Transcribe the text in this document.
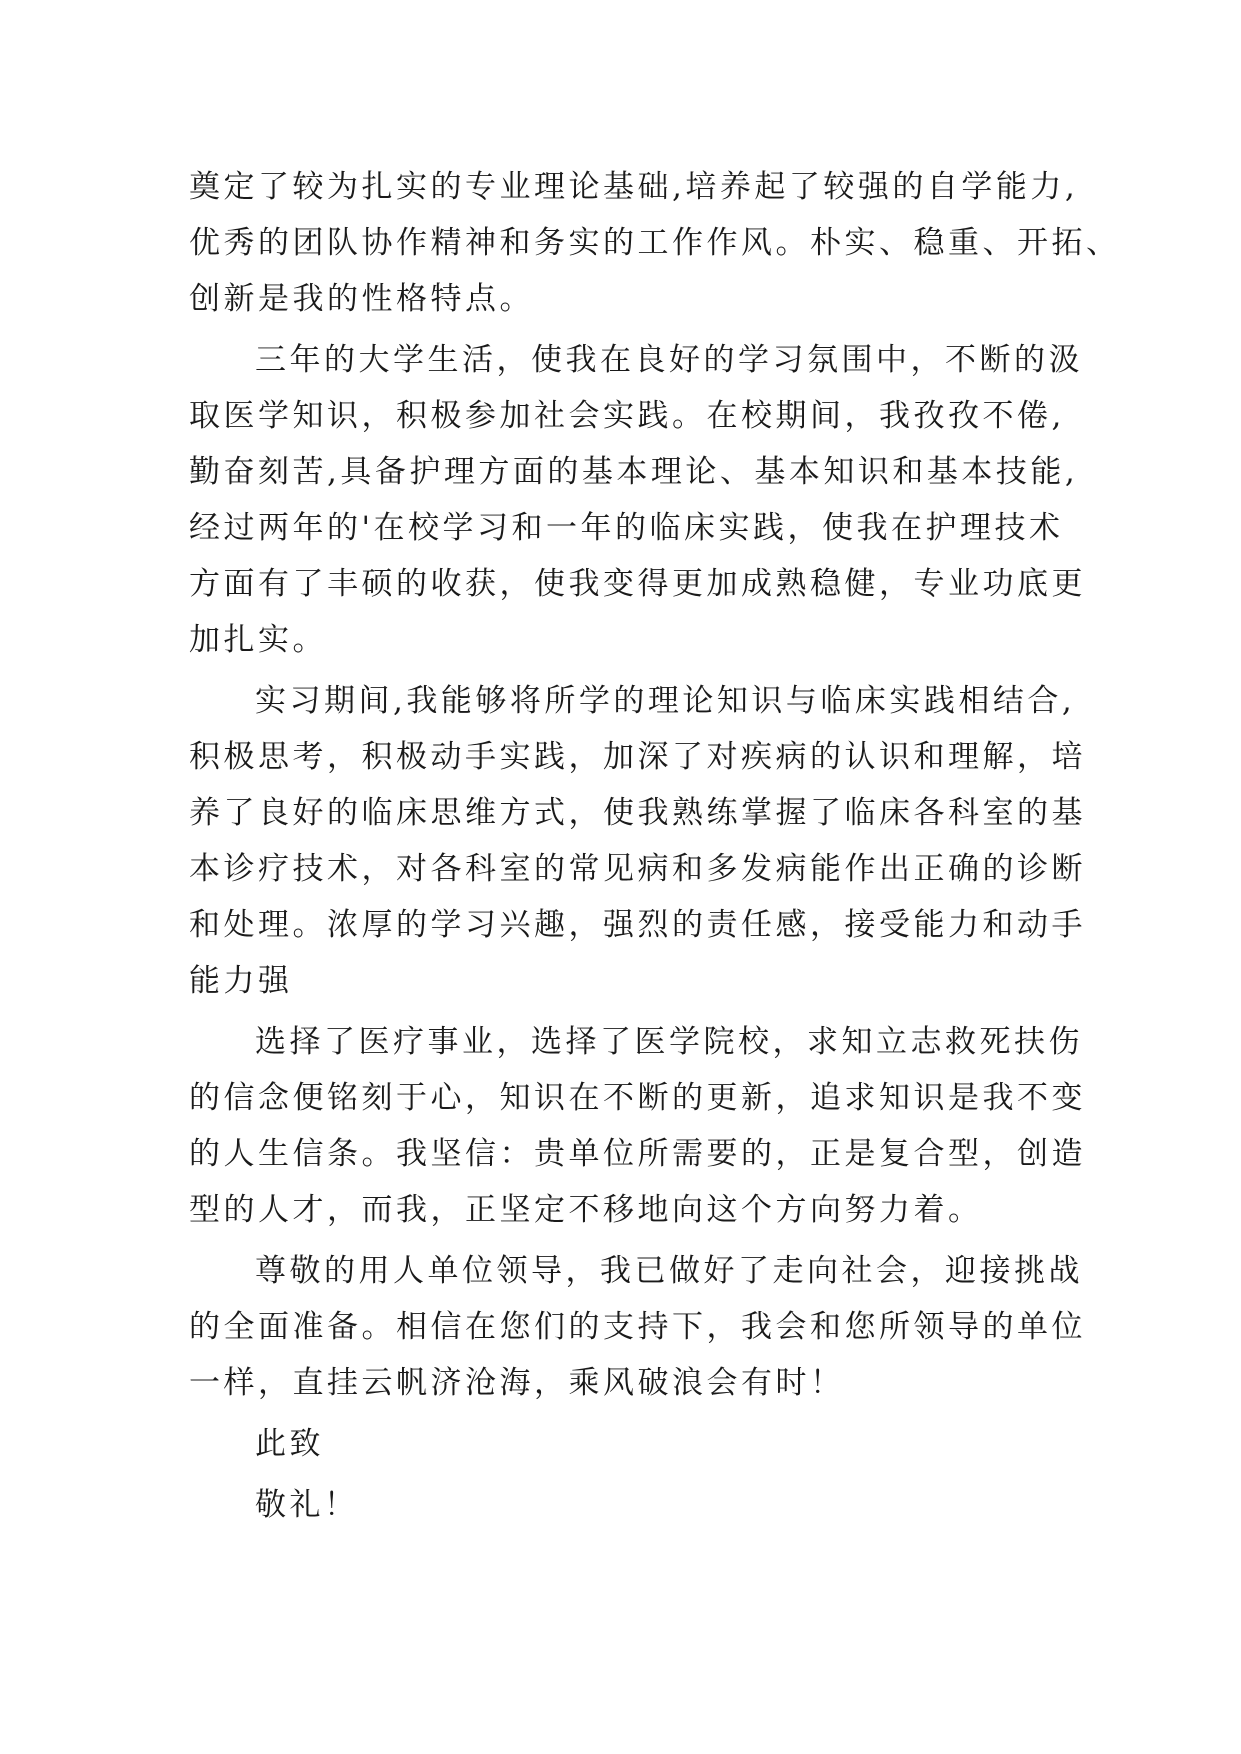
奠定了较为扎实的专业理论基础,培养起了较强的自学能力,
优秀的团队协作精神和务实的工作作风。朴实、稳重、开拓、
创新是我的性格特点。
三年的大学生活，使我在良好的学习氛围中，不断的汲
取医学知识，积极参加社会实践。在校期间，我孜孜不倦,
勤奋刻苦,具备护理方面的基本理论、基本知识和基本技能,
经过两年的'在校学习和一年的临床实践，使我在护理技术
方面有了丰硕的收获，使我变得更加成熟稳健，专业功底更
加扎实。
实习期间,我能够将所学的理论知识与临床实践相结合,
积极思考，积极动手实践，加深了对疾病的认识和理解，培
养了良好的临床思维方式，使我熟练掌握了临床各科室的基
本诊疗技术，对各科室的常见病和多发病能作出正确的诊断
和处理。浓厚的学习兴趣，强烈的责任感，接受能力和动手
能力强
选择了医疗事业，选择了医学院校，求知立志救死扶伤
的信念便铭刻于心，知识在不断的更新，追求知识是我不变
的人生信条。我坚信：贵单位所需要的，正是复合型，创造
型的人才，而我，正坚定不移地向这个方向努力着。
尊敬的用人单位领导，我已做好了走向社会，迎接挑战
的全面准备。相信在您们的支持下，我会和您所领导的单位
一样，直挂云帆济沧海，乘风破浪会有时！
此致
敬礼！
